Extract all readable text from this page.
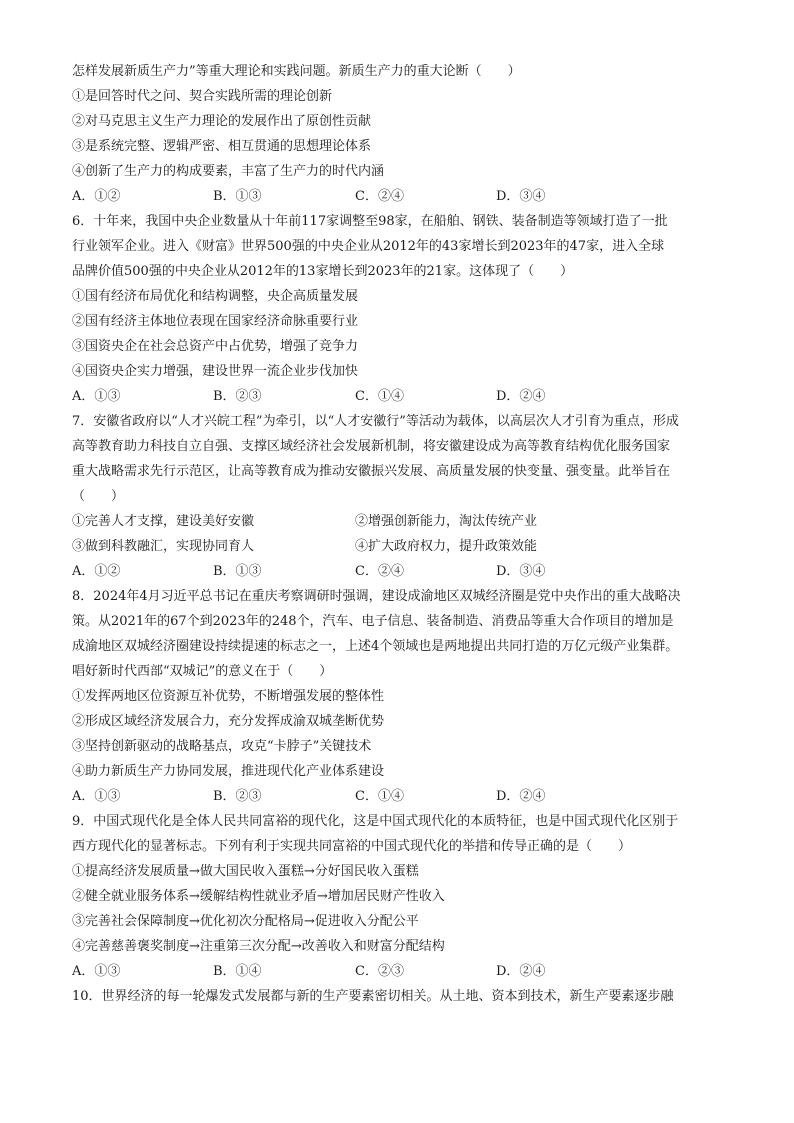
怎样发展新质生产力”等重大理论和实践问题。新质生产力的重大论断（　　）
①是回答时代之问、契合实践所需的理论创新
②对马克思主义生产力理论的发展作出了原创性贡献
③是系统完整、逻辑严密、相互贯通的思想理论体系
④创新了生产力的构成要素，丰富了生产力的时代内涵
A．①②	B．①③	C．②④	D．③④
6．十年来，我国中央企业数量从十年前117家调整至98家，在船舶、钢铁、装备制造等领域打造了一批
行业领军企业。进入《财富》世界500强的中央企业从2012年的43家增长到2023年的47家，进入全球
品牌价值500强的中央企业从2012年的13家增长到2023年的21家。这体现了（　　）
①国有经济布局优化和结构调整，央企高质量发展
②国有经济主体地位表现在国家经济命脉重要行业
③国资央企在社会总资产中占优势，增强了竞争力
④国资央企实力增强，建设世界一流企业步伐加快
A．①③	B．②③	C．①④	D．②④
7．安徽省政府以“人才兴皖工程”为牵引，以“人才安徽行”等活动为载体，以高层次人才引育为重点，形成
高等教育助力科技自立自强、支撑区域经济社会发展新机制，将安徽建设成为高等教育结构优化服务国家
重大战略需求先行示范区，让高等教育成为推动安徽振兴发展、高质量发展的快变量、强变量。此举旨在
（　　）
①完善人才支撑，建设美好安徽	②增强创新能力，淘汰传统产业
③做到科教融汇，实现协同育人	④扩大政府权力，提升政策效能
A．①②	B．①③	C．②④	D．③④
8．2024年4月习近平总书记在重庆考察调研时强调，建设成渝地区双城经济圈是党中央作出的重大战略决
策。从2021年的67个到2023年的248个，汽车、电子信息、装备制造、消费品等重大合作项目的增加是
成渝地区双城经济圈建设持续提速的标志之一，上述4个领域也是两地提出共同打造的万亿元级产业集群。
唱好新时代西部“双城记”的意义在于（　　）
①发挥两地区位资源互补优势，不断增强发展的整体性
②形成区域经济发展合力，充分发挥成渝双城垄断优势
③坚持创新驱动的战略基点，攻克“卡脖子”关键技术
④助力新质生产力协同发展，推进现代化产业体系建设
A．①③	B．②③	C．①④	D．②④
9．中国式现代化是全体人民共同富裕的现代化，这是中国式现代化的本质特征，也是中国式现代化区别于
西方现代化的显著标志。下列有利于实现共同富裕的中国式现代化的举措和传导正确的是（　　）
①提高经济发展质量→做大国民收入蛋糕→分好国民收入蛋糕
②健全就业服务体系→缓解结构性就业矛盾→增加居民财产性收入
③完善社会保障制度→优化初次分配格局→促进收入分配公平
④完善慈善褒奖制度→注重第三次分配→改善收入和财富分配结构
A．①③	B．①④	C．②③	D．②④
10．世界经济的每一轮爆发式发展都与新的生产要素密切相关。从土地、资本到技术，新生产要素逐步融
